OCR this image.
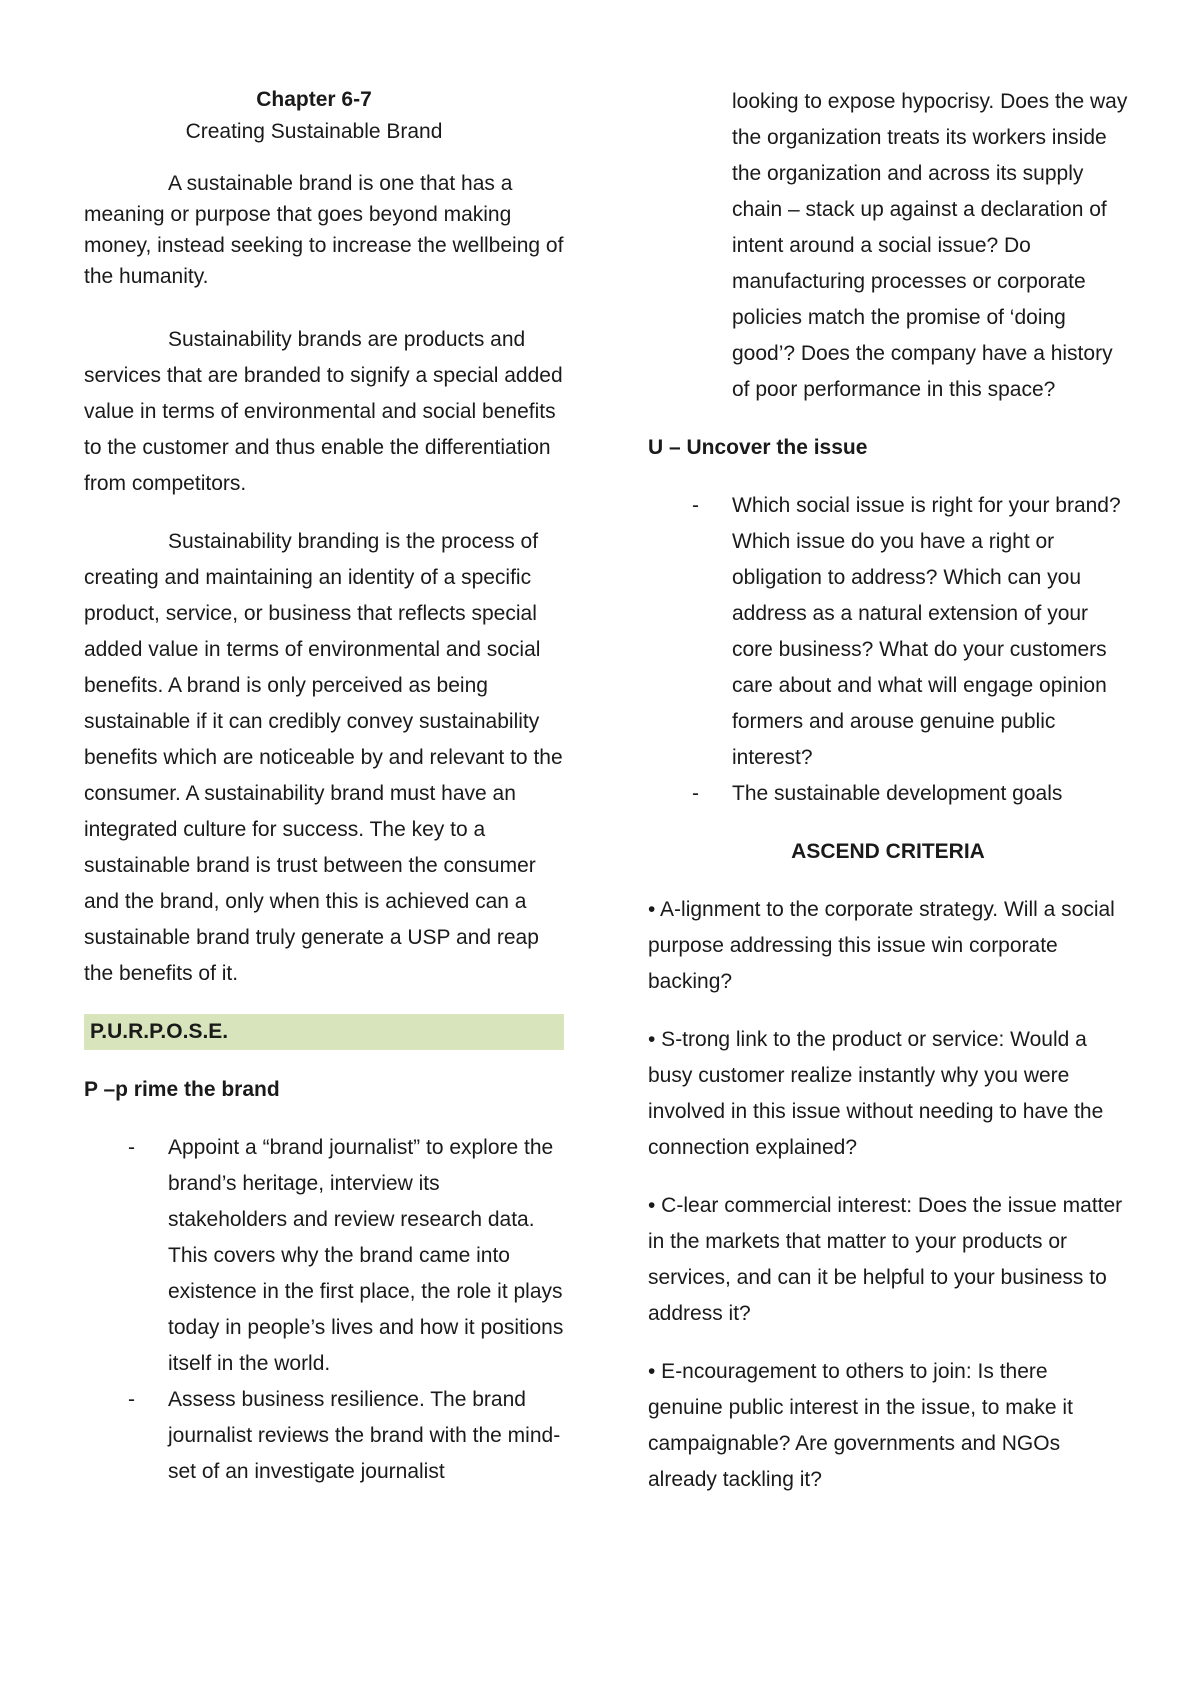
Chapter 6-7

Creating Sustainable Brand

A sustainable brand is one that has a meaning or purpose that goes beyond making money, instead seeking to increase the wellbeing of the humanity.

Sustainability brands are products and services that are branded to signify a special added value in terms of environmental and social benefits to the customer and thus enable the differentiation from competitors.

Sustainability branding is the process of creating and maintaining an identity of a specific product, service, or business that reflects special added value in terms of environmental and social benefits. A brand is only perceived as being sustainable if it can credibly convey sustainability benefits which are noticeable by and relevant to the consumer. A sustainability brand must have an integrated culture for success. The key to a sustainable brand is trust between the consumer and the brand, only when this is achieved can a sustainable brand truly generate a USP and reap the benefits of it.

P.U.R.P.O.S.E.

P –p rime the brand

- Appoint a “brand journalist” to explore the brand’s heritage, interview its stakeholders and review research data. This covers why the brand came into existence in the first place, the role it plays today in people’s lives and how it positions itself in the world.
- Assess business resilience. The brand journalist reviews the brand with the mind-set of an investigate journalist

looking to expose hypocrisy. Does the way the organization treats its workers inside the organization and across its supply chain – stack up against a declaration of intent around a social issue? Do manufacturing processes or corporate policies match the promise of ‘doing good’? Does the company have a history of poor performance in this space?

U – Uncover the issue

- Which social issue is right for your brand? Which issue do you have a right or obligation to address? Which can you address as a natural extension of your core business? What do your customers care about and what will engage opinion formers and arouse genuine public interest?
- The sustainable development goals

ASCEND CRITERIA

• A-lignment to the corporate strategy. Will a social purpose addressing this issue win corporate backing?

• S-trong link to the product or service: Would a busy customer realize instantly why you were involved in this issue without needing to have the connection explained?

• C-lear commercial interest: Does the issue matter in the markets that matter to your products or services, and can it be helpful to your business to address it?

• E-ncouragement to others to join: Is there genuine public interest in the issue, to make it campaignable? Are governments and NGOs already tackling it?
